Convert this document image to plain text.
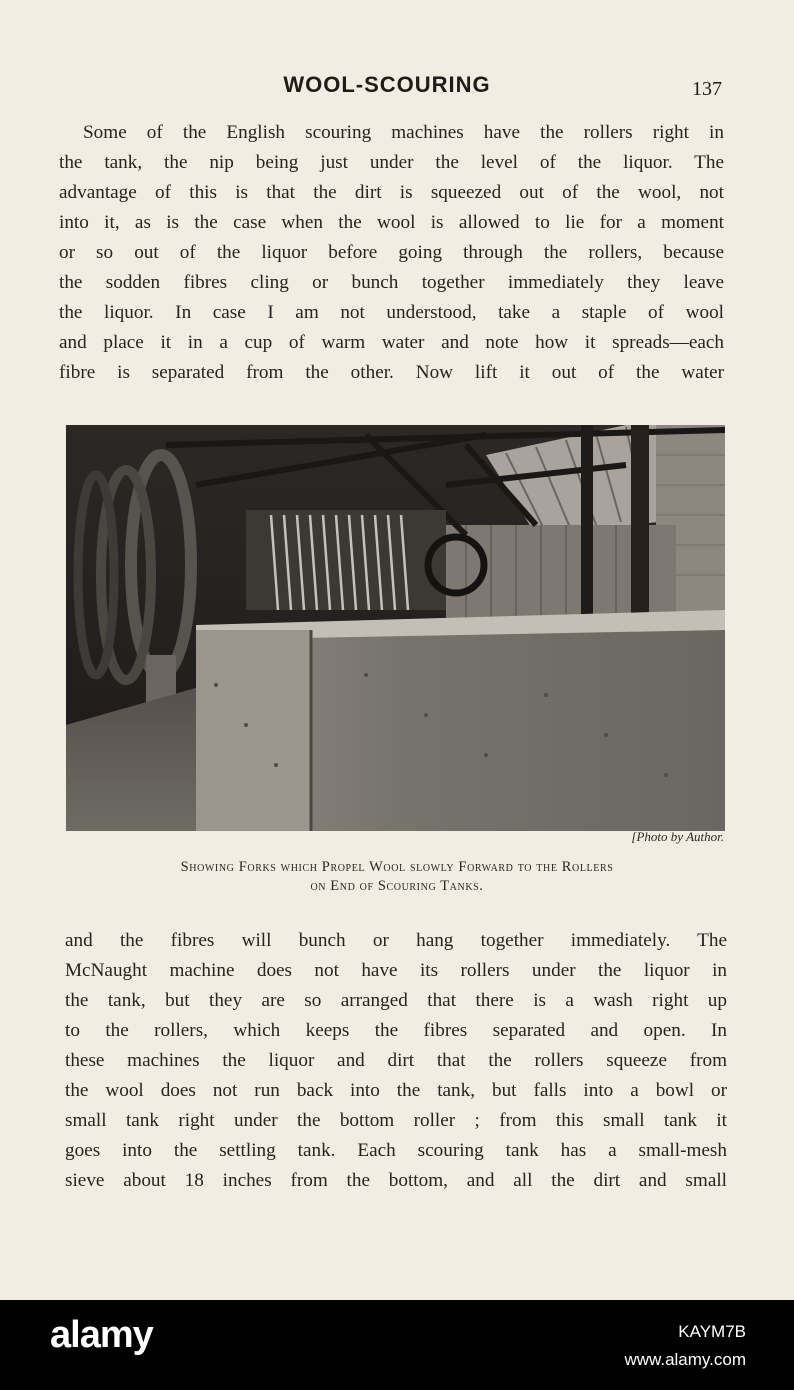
WOOL-SCOURING	137

Some of the English scouring machines have the rollers right in
the tank, the nip being just under the level of the liquor. The
advantage of this is that the dirt is squeezed out of the wool, not
into it, as is the case when the wool is allowed to lie for a moment
or so out of the liquor before going through the rollers, because
the sodden fibres cling or bunch together immediately they leave
the liquor. In case I am not understood, take a staple of wool
and place it in a cup of warm water and note how it spreads—each
fibre is separated from the other. Now lift it out of the water

[Photo by Author.

Showing Forks which Propel Wool slowly Forward to the Rollers
on End of Scouring Tanks.

and the fibres will bunch or hang together immediately. The
McNaught machine does not have its rollers under the liquor in
the tank, but they are so arranged that there is a wash right up
to the rollers, which keeps the fibres separated and open. In
these machines the liquor and dirt that the rollers squeeze from
the wool does not run back into the tank, but falls into a bowl or
small tank right under the bottom roller ; from this small tank it
goes into the settling tank. Each scouring tank has a small-mesh
sieve about 18 inches from the bottom, and all the dirt and small

alamy	KAYM7B
www.alamy.com
